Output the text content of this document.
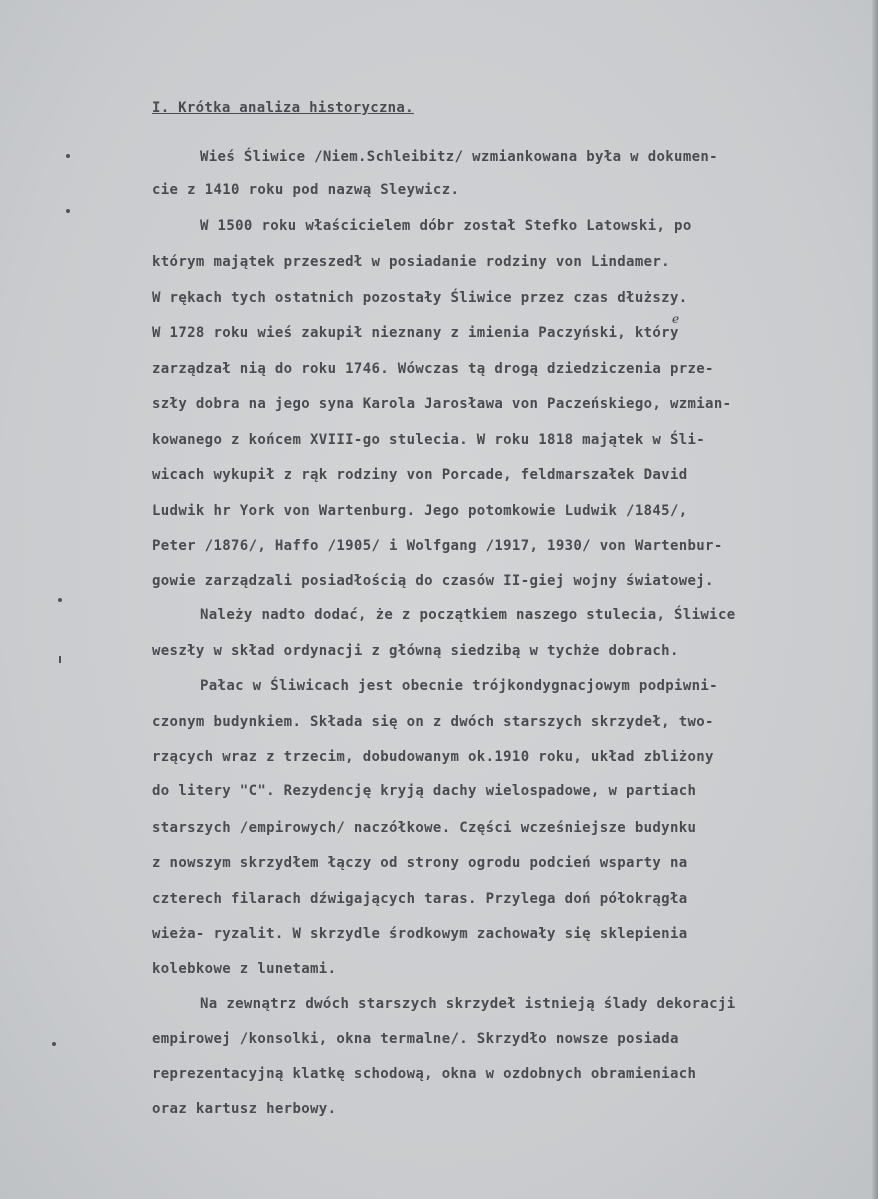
I. Krótka analiza historyczna.
Wieś Śliwice /Niem.Schleibitz/ wzmiankowana była w dokumen-
cie z 1410 roku pod nazwą Sleywicz.
W 1500 roku właścicielem dóbr został Stefko Latowski, po
którym majątek przeszedł w posiadanie rodziny von Lindamer.
W rękach tych ostatnich pozostały Śliwice przez czas dłuższy.
W 1728 roku wieś zakupił nieznany z imienia Paczyński, który
zarządzał nią do roku 1746. Wówczas tą drogą dziedziczenia prze-
szły dobra na jego syna Karola Jarosława von Paczeńskiego, wzmian-
kowanego z końcem XVIII-go stulecia. W roku 1818 majątek w Śli-
wicach wykupił z rąk rodziny von Porcade, feldmarszałek David
Ludwik hr York von Wartenburg. Jego potomkowie Ludwik /1845/,
Peter /1876/, Haffo /1905/ i Wolfgang /1917, 1930/ von Wartenbur-
gowie zarządzali posiadłością do czasów II-giej wojny światowej.
Należy nadto dodać, że z początkiem naszego stulecia, Śliwice
weszły w skład ordynacji z główną siedzibą w tychże dobrach.
Pałac w Śliwicach jest obecnie trójkondygnacjowym podpiwni-
czonym budynkiem. Składa się on z dwóch starszych skrzydeł, two-
rzących wraz z trzecim, dobudowanym ok.1910 roku, układ zbliżony
do litery "C". Rezydencję kryją dachy wielospadowe, w partiach
starszych /empirowych/ naczółkowe. Części wcześniejsze budynku
z nowszym skrzydłem łączy od strony ogrodu podcień wsparty na
czterech filarach dźwigających taras. Przylega doń półokrągła
wieża- ryzalit. W skrzydle środkowym zachowały się sklepienia
kolebkowe z lunetami.
Na zewnątrz dwóch starszych skrzydeł istnieją ślady dekoracji
empirowej /konsolki, okna termalne/. Skrzydło nowsze posiada
reprezentacyjną klatkę schodową, okna w ozdobnych obramieniach
oraz kartusz herbowy.
e
